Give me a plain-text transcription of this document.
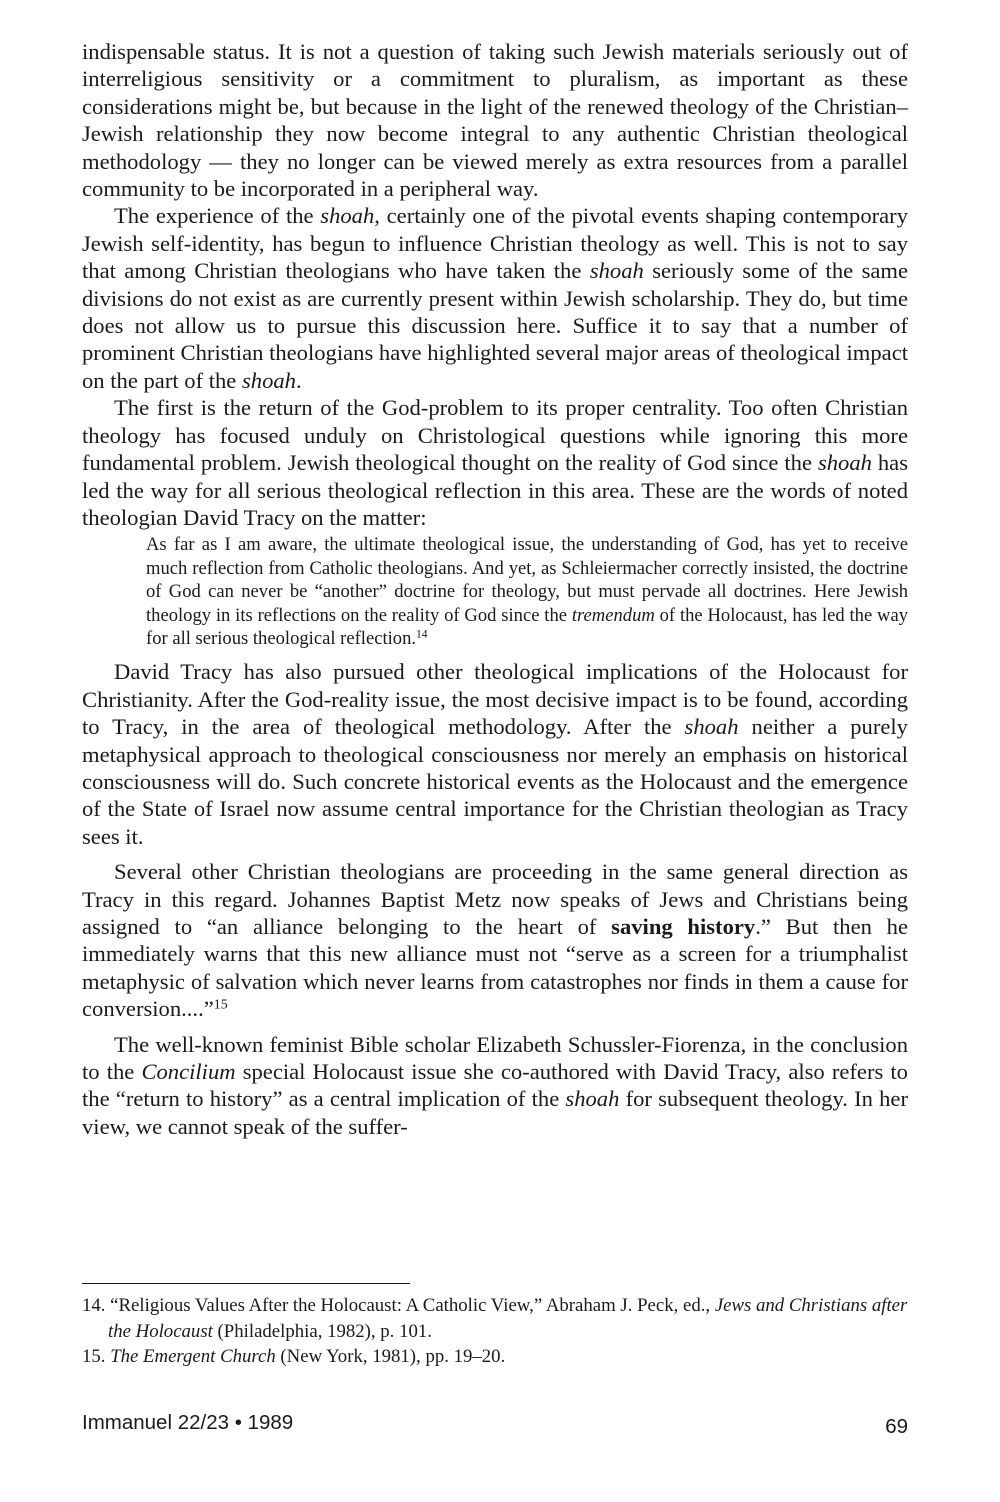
indispensable status. It is not a question of taking such Jewish materials seriously out of interreligious sensitivity or a commitment to pluralism, as important as these considerations might be, but because in the light of the renewed theology of the Christian–Jewish relationship they now become integral to any authentic Christian theological methodology — they no longer can be viewed merely as extra resources from a parallel community to be incorporated in a peripheral way.

The experience of the shoah, certainly one of the pivotal events shaping contemporary Jewish self-identity, has begun to influence Christian theology as well. This is not to say that among Christian theologians who have taken the shoah seriously some of the same divisions do not exist as are currently present within Jewish scholarship. They do, but time does not allow us to pursue this discussion here. Suffice it to say that a number of prominent Christian theologians have highlighted several major areas of theological impact on the part of the shoah.

The first is the return of the God-problem to its proper centrality. Too often Christian theology has focused unduly on Christological questions while ignoring this more fundamental problem. Jewish theological thought on the reality of God since the shoah has led the way for all serious theological reflection in this area. These are the words of noted theologian David Tracy on the matter:

As far as I am aware, the ultimate theological issue, the understanding of God, has yet to receive much reflection from Catholic theologians. And yet, as Schleiermacher correctly insisted, the doctrine of God can never be “another” doctrine for theology, but must pervade all doctrines. Here Jewish theology in its reflections on the reality of God since the tremendum of the Holocaust, has led the way for all serious theological reflection.$^{14}$

David Tracy has also pursued other theological implications of the Holocaust for Christianity. After the God-reality issue, the most decisive impact is to be found, according to Tracy, in the area of theological methodology. After the shoah neither a purely metaphysical approach to theological consciousness nor merely an emphasis on historical consciousness will do. Such concrete historical events as the Holocaust and the emergence of the State of Israel now assume central importance for the Christian theologian as Tracy sees it.

Several other Christian theologians are proceeding in the same general direction as Tracy in this regard. Johannes Baptist Metz now speaks of Jews and Christians being assigned to “an alliance belonging to the heart of saving history.” But then he immediately warns that this new alliance must not “serve as a screen for a triumphalist metaphysic of salvation which never learns from catastrophes nor finds in them a cause for conversion....”$^{15}$

The well-known feminist Bible scholar Elizabeth Schussler-Fiorenza, in the conclusion to the Concilium special Holocaust issue she co-authored with David Tracy, also refers to the “return to history” as a central implication of the shoah for subsequent theology. In her view, we cannot speak of the suffer-

14. “Religious Values After the Holocaust: A Catholic View,” Abraham J. Peck, ed., Jews and Christians after the Holocaust (Philadelphia, 1982), p. 101.

15. The Emergent Church (New York, 1981), pp. 19–20.

Immanuel 22/23 • 1989	69
